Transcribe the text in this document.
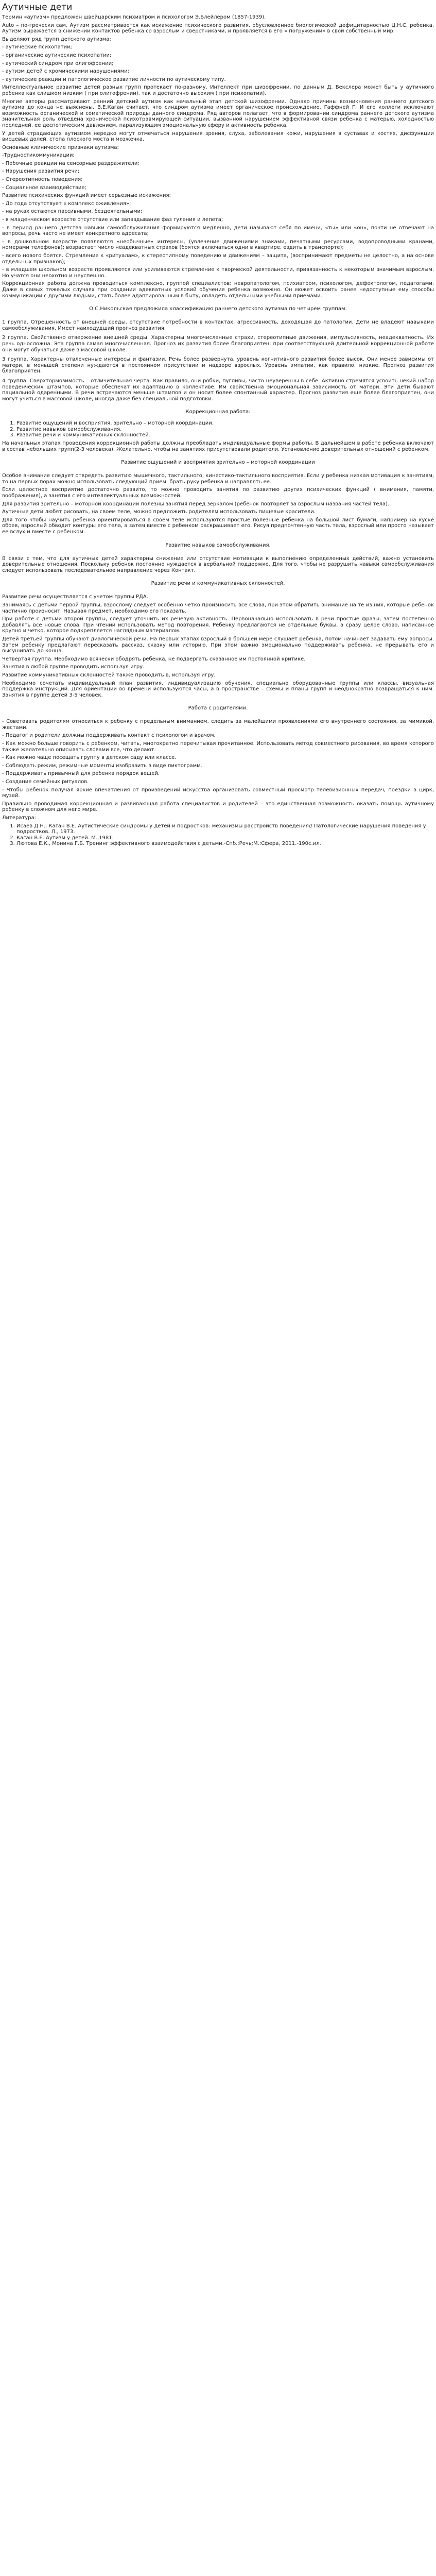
Аутичные дети

Термин «аутизм» предложен швейцарским психиатром и психологом Э.Блейлером (1857-1939).

Auto – по-гречески сам. Аутизм рассматривается как искажение психического развития, обусловленное биологической дефицитарностью Ц.Н.С. ребенка. Аутизм выражается в снижении контактов ребенка со взрослым и сверстниками, и проявляется в его « погружении» в свой собственный мир.

Выделяют ряд групп детского аутизма:

- аутические психопатии;

- органические аутические психопатии;

- аутический синдром при олигофрении;

- аутизм детей с хромическими нарушениями;

- аутические реакции и патологическое развитие личности по аутическому типу.

Интеллектуальное развитие детей разных групп протекает по-разному. Интеллект при шизофрении, по данным Д. Векслера может быть у аутичного ребенка как слишком низким ( при олигофрении), так и достаточно высоким ( при психопатии).

Многие авторы рассматривают ранний детский аутизм как начальный этап детской шизофрении. Однако причины возникновения раннего детского аутизма до конца не выяснены. В.Е.Каган считает, что синдром аутизма имеет органическое происхождение. Гаффней Г. И его коллеги исключают возможность органической и соматической природы данного синдрома. Ряд авторов полагает, что в формировании синдрома раннего детского аутизма значительная роль отведена хронической психотравмирующей ситуации, вызванной нарушением эффективной связи ребенка с матерью, холодностью последней, ее деспотическим давлением, парализующим эмоциональную сферу и активность ребенка.

У детей страдающих аутизмом нередко могут отмечаться нарушения зрения, слуха, заболевания кожи, нарушения в суставах и костях, дисфункции висцевых долей, стопа плоского моста и мозжечка.

Основные клинические признаки аутизма:

-Трудностикоммуникации;

- Побочные реакции на сенсорные раздражители;

- Нарушения развития речи;

- Стереотипность поведения;

- Социальное взаимодействие;

Развитие психических функций имеет серьезные искажения:

- До года отсутствует « комплекс оживления»;

- на руках остаются пассивными, бездеятельными;

- в младенческом возрасте отсутствие или запаздывание фаз гуления и лепета;

- в период раннего детства навыки самообслуживания формируются медленно, дети называют себя по имени, «ты» или «он», почти не отвечают на вопросы, речь часто не имеет конкретного адресата;

- в дошкольном возрасте появляются «необычные» интересы, (увлечение движениями знаками, печатными ресурсами, водопроводными кранами, номерами телефонов); возрастает число неадекватных страхов (боятся включаться одни в квартире, ездить в транспорте);

- всего нового боятся. Стремление к «ритуалам», к стереотипному поведению и движениям – защита, (воспринимают предметы не целостно, а на основе отдельных признаков);

- в младшем школьном возрасте проявляются или усиливаются стремление к творческой деятельности, привязанность к некоторым значимым взрослым. Но учатся они неохотно и неуспешно.

Коррекционная работа должна проводиться комплексно, группой специалистов: невропатологом, психиатром, психологом, дефектологом, педагогами. Даже в самых тяжелых случаях при создании адекватных условий обучение ребенка возможно. Он может освоить ранее недоступные ему способы коммуникации с другими людьми, стать более адаптированным в быту, овладеть отдельными учебными приемами.

О.С.Никольская предложила классификацию раннего детского аутизма по четырем группам:

1 группа. Отрешенность от внешней среды, отсутствие потребности в контактах, агрессивность, доходящая до патологии. Дети не владеют навыками самообслуживания. Имеет наиходудший прогноз развития.

2 группа. Свойственно отвержение внешней среды. Характерны многочисленные страхи, стереотипные движения, импульсивность, неадекватность. Их речь односложна. Эта группа самая многочисленная. Прогноз их развития более благоприятен: при соответствующей длительной коррекционной работе они могут обучаться даже в массовой школе.

3 группа. Характерны отвлеченные интересы и фантазии. Речь более развернута, уровень когнитивного развития более высок. Они менее зависимы от матери, в меньшей степени нуждаются в постоянном присутствии и надзоре взрослых. Уровень эмпатии, как правило, низкие. Прогноз развития благоприятен.

4 группа. Сверхтормозимость – отличительная черта. Как правило, они робки, пугливы, часто неуверенны в себе. Активно стремятся усвоить некий набор поведенческих штампов, которые обеспечат их адаптацию в коллективе. Им свойственна эмоциональная зависимость от матери. Эти дети бывают пациальной одаренными. В речи встречаются меньше штампов и он носит более спонтанный характер. Прогноз развития еще более благоприятен, они могут учиться в массовой школе, иногда даже без специальной подготовки.

Коррекционная работа:

1. Развитие ощущений и восприятия, зрительно – моторной координации.
2. Развитие навыков самообслуживания.
3. Развитие речи и коммуникативных склонностей.

На начальных этапах проведения коррекционной работы должны преобладать индивидуальные формы работы. В дальнейшем в работе ребенка включают в состав небольших групп(2-3 человека). Желательно, чтобы на занятиях присутствовали родители. Установление доверительных отношений с ребенком.

Развитие ощущений и восприятия зрительно – моторной координации

Особое внимание следует отвредять развитию мышечного, тактильного, кинестико-тактильного восприятия. Если у ребенка низкая мотивация к занятиям, то на первых порах можно использовать следующий прием: брать руку ребенка и направлять ее.

Если целостное восприятие достаточно развито, то можно проводить занятия по развитию других психических функций ( внимания, памяти, воображения), а занятия с его интеллектуальных возможностей.

Для развития зрительно – моторной координации полезны занятия перед зеркалом (ребенок повторяет за взрослым названия частей тела).

Аутичные дети любят рисовать, на своем теле, можно предложить родителям использовать пищевые красители.

Для того чтобы научить ребенка ориентироваться в своем теле используются простые полезные ребенка на большой лист бумаги, например на куске обоев, взрослый обводит контуры его тела, а затем вместе с ребенком раскрашивает его. Рисуя предпочтенную часть тела, взрослый или просто называет ее вслух и вместе с ребенком.

Развитие навыков самообслуживания.

В связи с тем, что для аутичных детей характерны снижение или отсутствие мотивации к выполнению определенных действий, важно установить доверительные отношения. Поскольку ребенок постоянно нуждается в вербальной поддержке. Для того, чтобы не разрушить навыки самообслуживания следует использовать последовательное направление через Контакт.

Развитие речи и коммуникативных склонностей.

Развитие речи осуществляется с учетом группы РДА.

Занимаясь с детьми первой группы, взрослому следует особенно четко произносить все слова, при этом обратить внимание на те из них, которые ребенок частично произносит. Называя предмет, необходимо его показать.

При работе с детьми второй группы, следует уточнить их речевую активность. Первоначально использовать в речи простые фразы, затем постепенно добавлять все новые слова. При чтении использовать метод повторения. Ребенку предлагаются не отдельные буквы, а сразу целое слово, написанное крупно и четко, которое подкрепляется наглядным материалом.

Детей третьей группы обучают диалогической речи. На первых этапах взрослый в большей мере слушает ребенка, потом начинает задавать ему вопросы. Затем ребенку предлагают пересказать рассказ, сказку или историю. При этом важно эмоционально поддерживать ребенка, не прерывать его и высушивать до конца.

Четвертая группа. Необходимо всячески ободрять ребенка, не подвергать сказанное им постоянной критике.

Занятия в любой группе проводить используя игру.

Развитие коммуникативных склонностей также проводить в, используя игру.

Необходимо сочетать индивидуальный план развития, индивидуализацию обучения, специально оборудованные группы или классы, визуальная поддержка инструкций. Для ориентации во времени используются часы, а в пространстве – схемы и планы групп и неоднократно возвращаться к ним. Занятия в группе детей 3-5 человек.

Работа с родителями.

- Советовать родителям относиться к ребенку с предельным вниманием, следить за малейшими проявлениями его внутреннего состояния, за мимикой, жестами.

- Педагог и родители должны поддерживать контакт с психологом и врачом.

- Как можно больше говорить с ребенком, читать, многократно перечитывая прочитанное. Использовать метод совместного рисования, во время которого также желательно описывать словами все, что делают.

- Как можно чаще посещать группу в детском саду или классе.

- Соблюдать режим, режимные моменты изобразить в виде пиктограмм.

- Поддерживать привычный для ребенка порядок вещей.

- Создание семейных ритуалов.

- Чтобы ребенок получал яркие впечатления от произведений искусства организовать совместный просмотр телевизионных передач, поездки в цирк, музей.

Правильно проводимая коррекционная и развивающая работа специалистов и родителей – это единственная возможность оказать помощь аутичному ребенку в сложном для него мире.

Литература:

1. Исаев Д.Н., Каган В.Е. Аутистические синдромы у детей и подростков: механизмы расстройств поведения// Патологические нарушения поведения у подростков. Л., 1973.
2. Каган В.Е. Аутизм у детей. М.,1981.
3. Лютова Е.К., Монина Г.Б. Тренинг эффективного взаимодействия с детьми.-Спб.:Речь;М.:Сфера, 2011.-190с.ил.
